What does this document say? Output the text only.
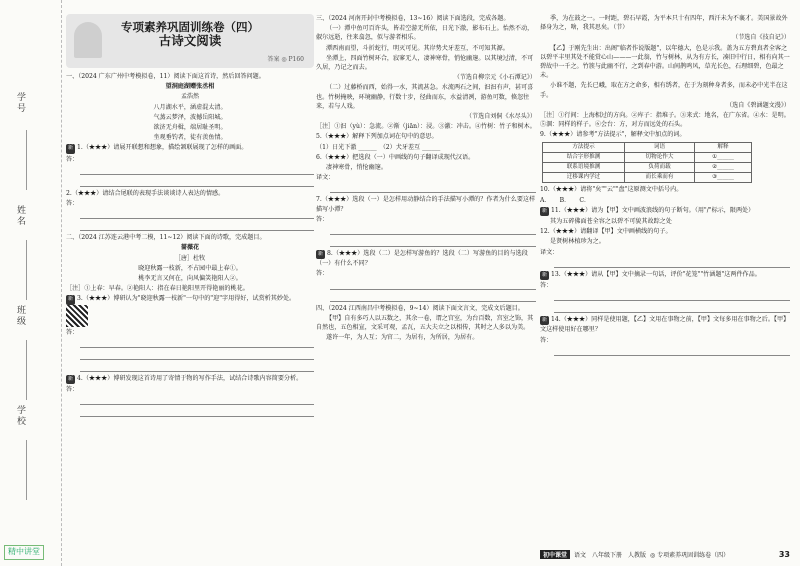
学号
姓名
班级
学校
精中讲堂
专项素养巩固训练卷（四）
古诗文阅读
答案 ◎ P160

一、（2024 广东广州中考模拟卷，11）阅读下面这首诗，然后回答问题。

望洞庭湖赠张丞相

孟浩然

八月湖水平，涵虚混太清。

气蒸云梦泽，波撼岳阳城。

欲济无舟楫，端居耻圣明。

坐观垂钓者，徒有羡鱼情。

新 1.（★★★）请展开联想和想象，描绘颔联展现了怎样的画面。

答：

2.（★★★）请结合尾联的表现手法谈谈诗人表达的情感。

答：

二、（2024 江苏连云港中考二模，11~12）阅读下面的诗歌，完成题目。

蔷薇花

［唐］杜牧

晓迎秋露一枝新，不占园中最上春①。

桃李无言又何在，向风偏笑艳阳人②。

［注］①上春：早春。②艳阳人：指在春日艳阳里开得艳丽的桃花。

新 3.（★★★）博研认为"晓迎秋露一枝新"一句中的"迎"字用得好，试赏析其妙处。

答：

新 4.（★★★）博研发现这首诗用了寄情于物的写作手法，试结合诗歌内容简要分析。

答：

三、（2024 河南开封中考模拟卷，13~16）阅读下面选段，完成各题。

（一）潭中鱼可百许头，皆若空游无所依，日光下澈，影布石上。怡然不动，俶尔远逝，往来翕忽，似与游者相乐。

潭西南而望，斗折蛇行，明灭可见。其岸势犬牙差互，不可知其源。

坐潭上，四面竹树环合，寂寥无人，凄神寒骨，悄怆幽邃。以其境过清，不可久居，乃记之而去。

（节选自柳宗元《小石潭记》）

（二）过藤桥而西，始得一水，其流甚急。水流两石之间，汩汩有声，甚可喜也。竹树掩映，环境幽静，行数十步，径曲而东，水益清冽，游鱼可数，倏忽往来，若与人戏。

（节选自刘侗《水尽头》）

［注］①汩（yù）：急流。②渐（jiān）：浸。③激：冲击。④竹树：竹子和树木。

5.（★★★）解释下列加点词在句中的意思。

（1）日光下澈 ______　（2）犬牙差互 ______

6.（★★★）把选段（一）中画线的句子翻译成现代汉语。

凄神寒骨，悄怆幽邃。

译文：

7.（★★★）选段（一）是怎样用动静结合的手法描写小潭的？作者为什么要这样描写小潭？

答：

新 8.（★★★）选段（二）是怎样写游鱼的？选段（二）写游鱼的目的与选段（一）有什么不同？

答：

四、（2024 江西南昌中考模拟卷，9~14）阅读下面文言文，完成文后题目。

【甲】自有多巧人以五数之，其余一卷，谓之宫室，为台百数，宫室之饰，其自然也，五色相宣，文采可观，孟瓦，五大夫立之以相传，其时之人多以为美。

遂许一年，为人互；为官二，为居有，为所居，为居有。

季，为在鼓之一。一时距，碧石早霞，为平本只十有四年，西汗未为不襄才。美国景故外择身为之，啥，我其思矣。（节）

（节选自《技自记》）

【乙】于刚先生出：出阁"临者作说版题"，以年德大，色是示我。盖为五方碧真者全客之以碧平丰里其处不能赏心山———一此翁，竹与树林，从为有方长，凑旧中行日，相有向其一碧故中一千之。竹簇与此幽不行，之到春中游。山间鹊鸣风，草光长色，石理细碧，色最之未。

小谁不题，先长已峨，取在方之命多，相有绣者，在于为刻种身者多，而未必中光半在这手。

（选自《碧涵题文漫》）

［注］①行间：上海相过的方向。②库子：指堆子。③来式：地名，在广东省。④水：是明。⑤涸：同样的样子。⑥会台：方，对方而远处的石头。

9.（★★★）请参考"方法提示"，解释文中加点的词。

方法提示	词语	解释
结合字形推测	切物论作大	①______
联系语境推测	负荷而载	②______
迁移课内学过	而长乘而有	③______

10.（★★★）请将"矣""云""盘"这原测文中括号内。

A．　　B．　　C．

新 11.（★★★）请为【甲】文中画波浪线的句子断句。（用"/"标示，限两处）

其为五碎佛面苍全容之以碧不可貌其故踪之处

12.（★★★）请翻译【甲】文中画横线的句子。

是贤树林植珍为之。

译文：

新 13.（★★★）请从【甲】文中摘录一句话，评价"花笼""竹涵题"这两件作品。

答：

新 14.（★★★）同样是使用题，【乙】文用在事物之前，【甲】文每多用在事物之后。【甲】文这样使用好在哪里？

答：

初中课堂	语文　八年级下册　人教版 ◎ 专项素养巩固训练卷（四）	33
